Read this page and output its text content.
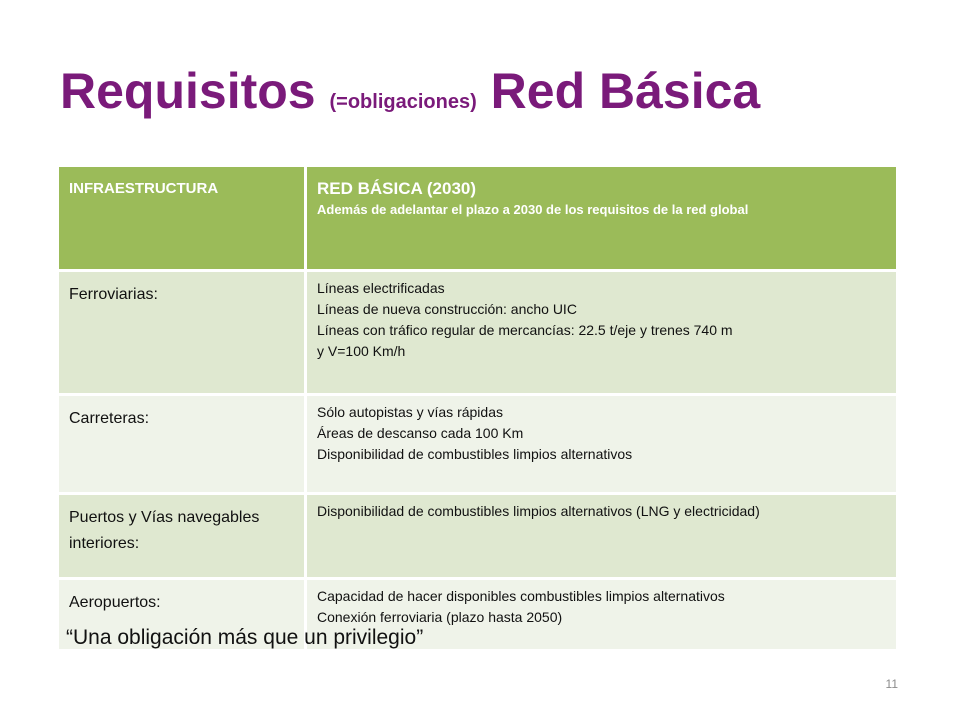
Requisitos (=obligaciones) Red Básica
INFRAESTRUCTURA	RED BÁSICA (2030)
Además de adelantar el plazo a 2030 de los requisitos de la red global

Ferroviarias:	Líneas electrificadas
Líneas de nueva construcción: ancho UIC
Líneas con tráfico regular de mercancías: 22.5 t/eje y trenes 740 m
y V=100 Km/h

Carreteras:	Sólo autopistas y vías rápidas
Áreas de descanso cada 100 Km
Disponibilidad de combustibles limpios alternativos

Puertos y Vías navegables interiores:	Disponibilidad de combustibles limpios alternativos (LNG y electricidad)

Aeropuertos:	Capacidad de hacer disponibles combustibles limpios alternativos
Conexión ferroviaria (plazo hasta 2050)

“Una obligación más que un privilegio”

11
